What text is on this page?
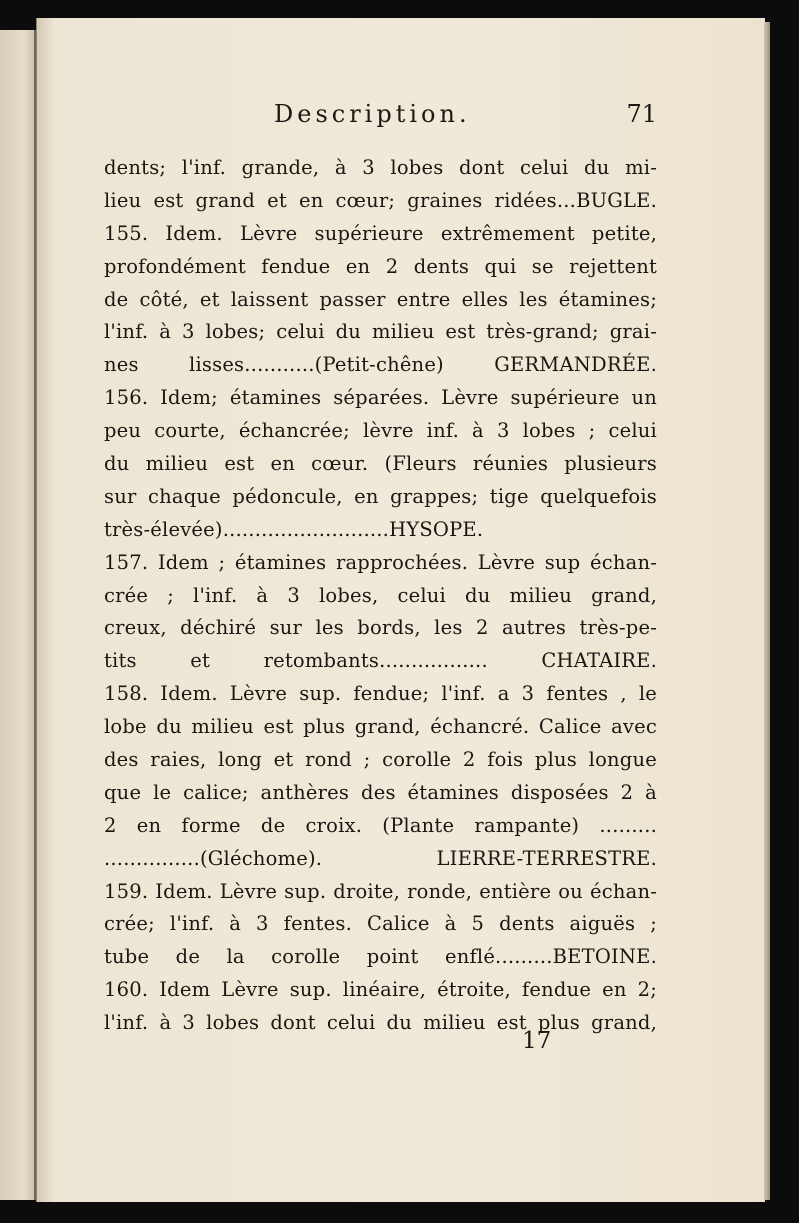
Description.	71
dents; l'inf. grande, à 3 lobes dont celui du mi-
lieu est grand et en cœur; graines ridées...BUGLE.
155. Idem. Lèvre supérieure extrêmement petite,
profondément fendue en 2 dents qui se rejettent
de côté, et laissent passer entre elles les étamines;
l'inf. à 3 lobes; celui du milieu est très-grand; grai-
nes lisses...........(Petit-chêne) GERMANDRÉE.
156. Idem; étamines séparées. Lèvre supérieure un
peu courte, échancrée; lèvre inf. à 3 lobes ; celui
du milieu est en cœur. (Fleurs réunies plusieurs
sur chaque pédoncule, en grappes; tige quelquefois
très-élevée)..........................HYSOPE.
157. Idem ; étamines rapprochées. Lèvre sup échan-
crée ; l'inf. à 3 lobes, celui du milieu grand,
creux, déchiré sur les bords, les 2 autres très-pe-
tits et retombants................. CHATAIRE.
158. Idem. Lèvre sup. fendue; l'inf. a 3 fentes , le
lobe du milieu est plus grand, échancré. Calice avec
des raies, long et rond ; corolle 2 fois plus longue
que le calice; anthères des étamines disposées 2 à
2 en forme de croix. (Plante rampante) .........
...............(Gléchome). LIERRE-TERRESTRE.
159. Idem. Lèvre sup. droite, ronde, entière ou échan-
crée; l'inf. à 3 fentes. Calice à 5 dents aiguës ;
tube de la corolle point enflé.........BETOINE.
160. Idem Lèvre sup. linéaire, étroite, fendue en 2;
l'inf. à 3 lobes dont celui du milieu est plus grand,
17
